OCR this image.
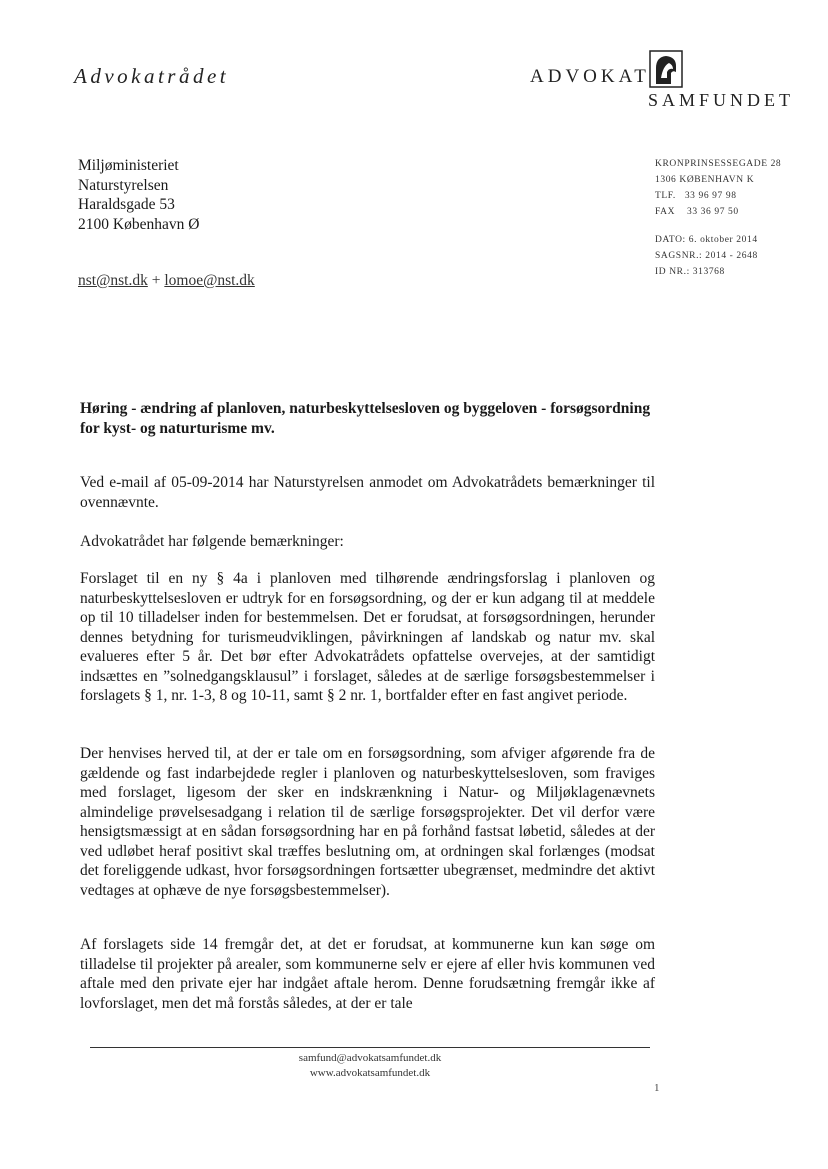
Advokatrådet	ADVOKAT
SAMFUNDET
Miljøministeriet
Naturstyrelsen
Haraldsgade 53
2100 København Ø
nst@nst.dk + lomoe@nst.dk
KRONPRINSESSEGADE 28
1306 KØBENHAVN K
TLF.   33 96 97 98
FAX    33 36 97 50
DATO: 6. oktober 2014
SAGSNR.: 2014 - 2648
ID NR.: 313768
Høring - ændring af planloven, naturbeskyttelsesloven og byggeloven - forsøgsordning for kyst- og naturturisme mv.
Ved e-mail af 05-09-2014 har Naturstyrelsen anmodet om Advokatrådets bemærkninger til ovennævnte.
Advokatrådet har følgende bemærkninger:
Forslaget til en ny § 4a i planloven med tilhørende ændringsforslag i planloven og naturbeskyttelsesloven er udtryk for en forsøgsordning, og der er kun adgang til at meddele op til 10 tilladelser inden for bestemmelsen. Det er forudsat, at forsøgsordningen, herunder dennes betydning for turismeudviklingen, påvirkningen af landskab og natur mv. skal evalueres efter 5 år. Det bør efter Advokatrådets opfattelse overvejes, at der samtidigt indsættes en ”solnedgangsklausul” i forslaget, således at de særlige forsøgsbestemmelser i forslagets § 1, nr. 1-3, 8 og 10-11, samt § 2 nr. 1, bortfalder efter en fast angivet periode.
Der henvises herved til, at der er tale om en forsøgsordning, som afviger afgørende fra de gældende og fast indarbejdede regler i planloven og naturbeskyttelsesloven, som fraviges med forslaget, ligesom der sker en indskrænkning i Natur- og Miljøklagenævnets almindelige prøvelsesadgang i relation til de særlige forsøgsprojekter. Det vil derfor være hensigtsmæssigt at en sådan forsøgsordning har en på forhånd fastsat løbetid, således at der ved udløbet heraf positivt skal træffes beslutning om, at ordningen skal forlænges (modsat det foreliggende udkast, hvor forsøgsordningen fortsætter ubegrænset, medmindre det aktivt vedtages at ophæve de nye forsøgsbestemmelser).
Af forslagets side 14 fremgår det, at det er forudsat, at kommunerne kun kan søge om tilladelse til projekter på arealer, som kommunerne selv er ejere af eller hvis kommunen ved aftale med den private ejer har indgået aftale herom. Denne forudsætning fremgår ikke af lovforslaget, men det må forstås således, at der er tale
samfund@advokatsamfundet.dk
www.advokatsamfundet.dk
1
